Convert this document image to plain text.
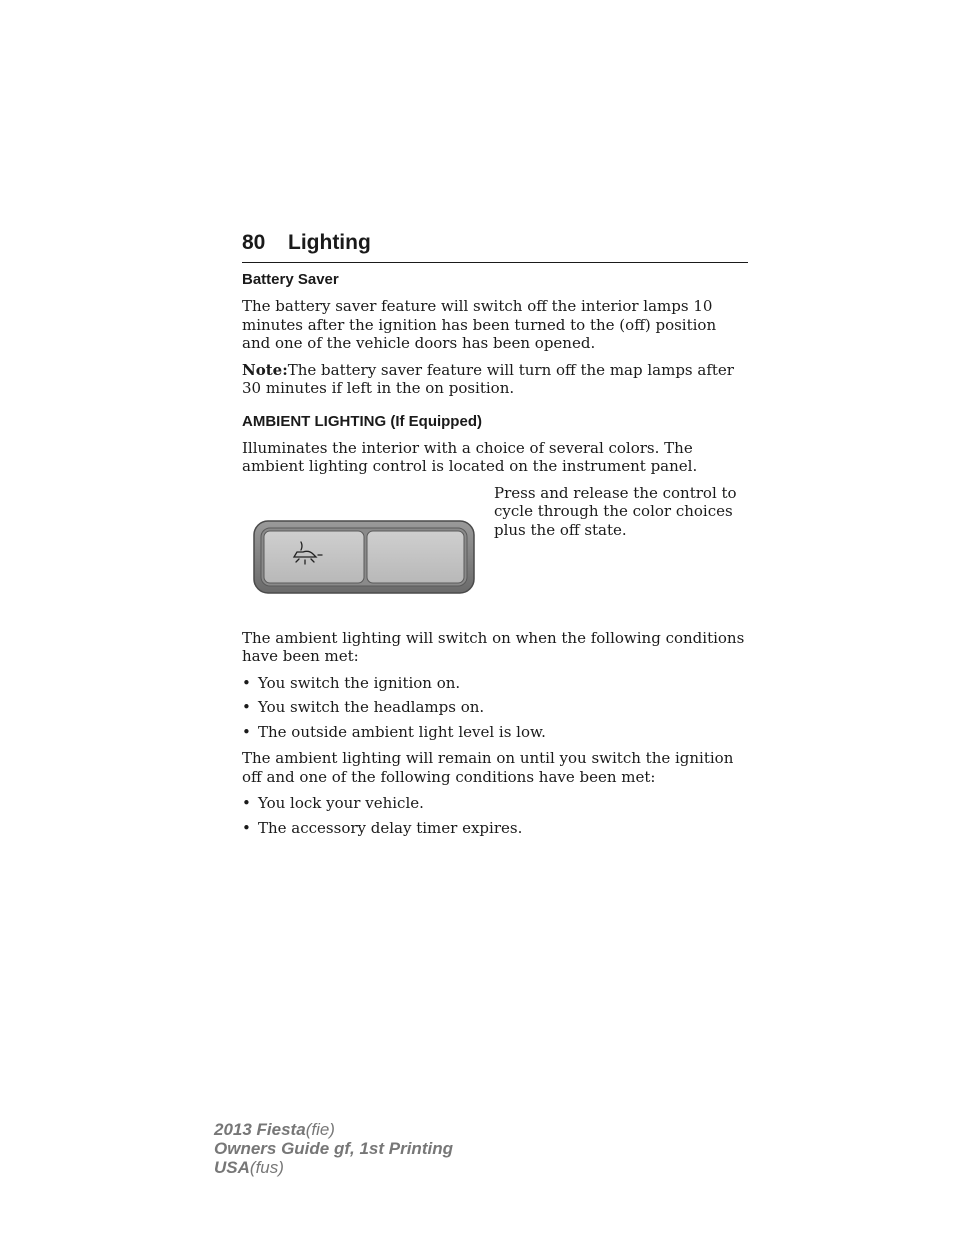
80 Lighting
Battery Saver

The battery saver feature will switch off the interior lamps 10 minutes after the ignition has been turned to the (off) position and one of the vehicle doors has been opened.

Note:The battery saver feature will turn off the map lamps after 30 minutes if left in the on position.

AMBIENT LIGHTING (If Equipped)

Illuminates the interior with a choice of several colors. The ambient lighting control is located on the instrument panel.

Press and release the control to cycle through the color choices plus the off state.

The ambient lighting will switch on when the following conditions have been met:

• You switch the ignition on.
• You switch the headlamps on.
• The outside ambient light level is low.

The ambient lighting will remain on until you switch the ignition off and one of the following conditions have been met:

• You lock your vehicle.
• The accessory delay timer expires.
2013 Fiesta(fie)
Owners Guide gf, 1st Printing
USA(fus)
